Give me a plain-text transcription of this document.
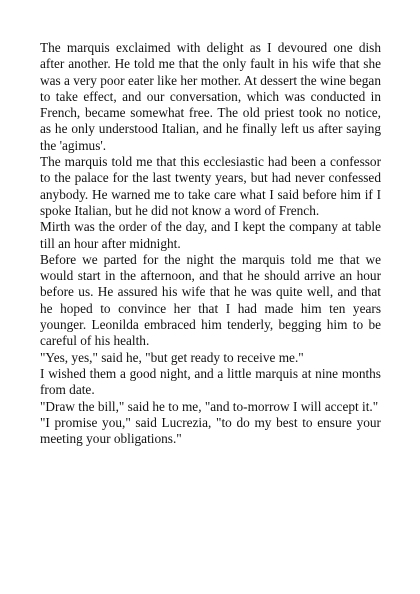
The marquis exclaimed with delight as I devoured one dish after another. He told me that the only fault in his wife that she was a very poor eater like her mother. At dessert the wine began to take effect, and our conversation, which was conducted in French, became somewhat free. The old priest took no notice, as he only understood Italian, and he finally left us after saying the 'agimus'.

The marquis told me that this ecclesiastic had been a confessor to the palace for the last twenty years, but had never confessed anybody. He warned me to take care what I said before him if I spoke Italian, but he did not know a word of French.

Mirth was the order of the day, and I kept the company at table till an hour after midnight.

Before we parted for the night the marquis told me that we would start in the afternoon, and that he should arrive an hour before us. He assured his wife that he was quite well, and that he hoped to convince her that I had made him ten years younger. Leonilda embraced him tenderly, begging him to be careful of his health.

"Yes, yes," said he, "but get ready to receive me."

I wished them a good night, and a little marquis at nine months from date.

"Draw the bill," said he to me, "and to-morrow I will accept it."

"I promise you," said Lucrezia, "to do my best to ensure your meeting your obligations."
